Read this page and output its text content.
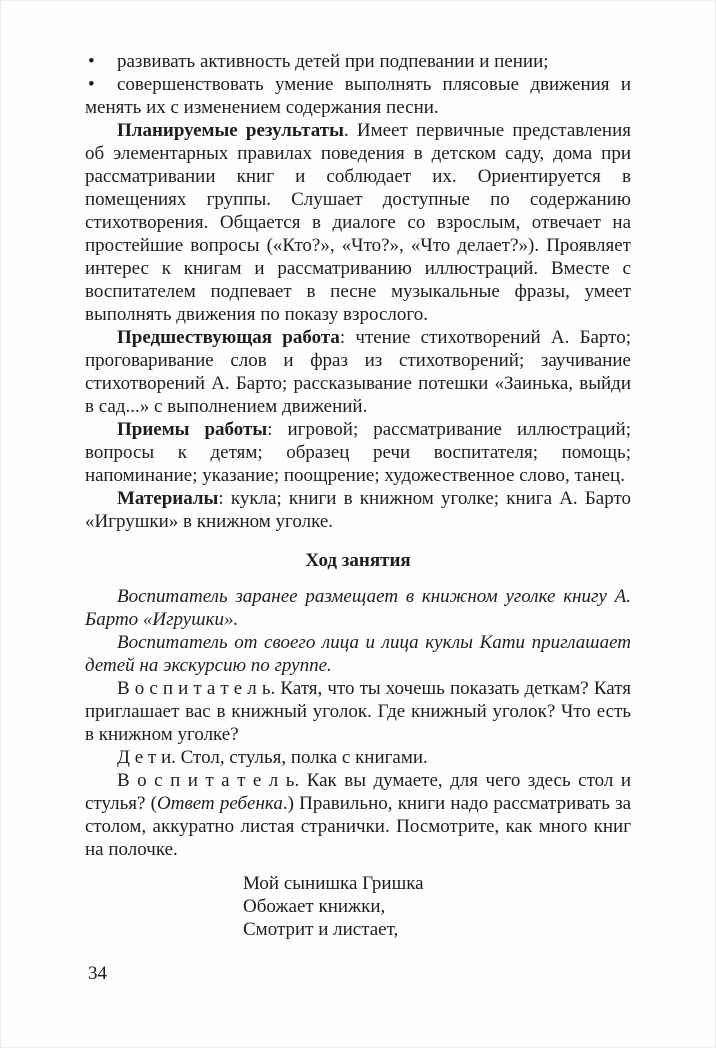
• развивать активность детей при подпевании и пении;

• совершенствовать умение выполнять плясовые движения и менять их с изменением содержания песни.

Планируемые результаты. Имеет первичные представления об элементарных правилах поведения в детском саду, дома при рассматривании книг и соблюдает их. Ориентируется в помещениях группы. Слушает доступные по содержанию стихотворения. Общается в диалоге со взрослым, отвечает на простейшие вопросы («Кто?», «Что?», «Что делает?»). Проявляет интерес к книгам и рассматриванию иллюстраций. Вместе с воспитателем подпевает в песне музыкальные фразы, умеет выполнять движения по показу взрослого.

Предшествующая работа: чтение стихотворений А. Барто; проговаривание слов и фраз из стихотворений; заучивание стихотворений А. Барто; рассказывание потешки «Заинька, выйди в сад...» с выполнением движений.

Приемы работы: игровой; рассматривание иллюстраций; вопросы к детям; образец речи воспитателя; помощь; напоминание; указание; поощрение; художественное слово, танец.

Материалы: кукла; книги в книжном уголке; книга А. Барто «Игрушки» в книжном уголке.

Ход занятия

Воспитатель заранее размещает в книжном уголке книгу А. Барто «Игрушки».

Воспитатель от своего лица и лица куклы Кати приглашает детей на экскурсию по группе.

В о с п и т а т е л ь. Катя, что ты хочешь показать деткам? Катя приглашает вас в книжный уголок. Где книжный уголок? Что есть в книжном уголке?

Д е т и. Стол, стулья, полка с книгами.

В о с п и т а т е л ь. Как вы думаете, для чего здесь стол и стулья? (Ответ ребенка.) Правильно, книги надо рассматривать за столом, аккуратно листая странички. Посмотрите, как много книг на полочке.

Мой сынишка Гришка
Обожает книжки,
Смотрит и листает,
34
